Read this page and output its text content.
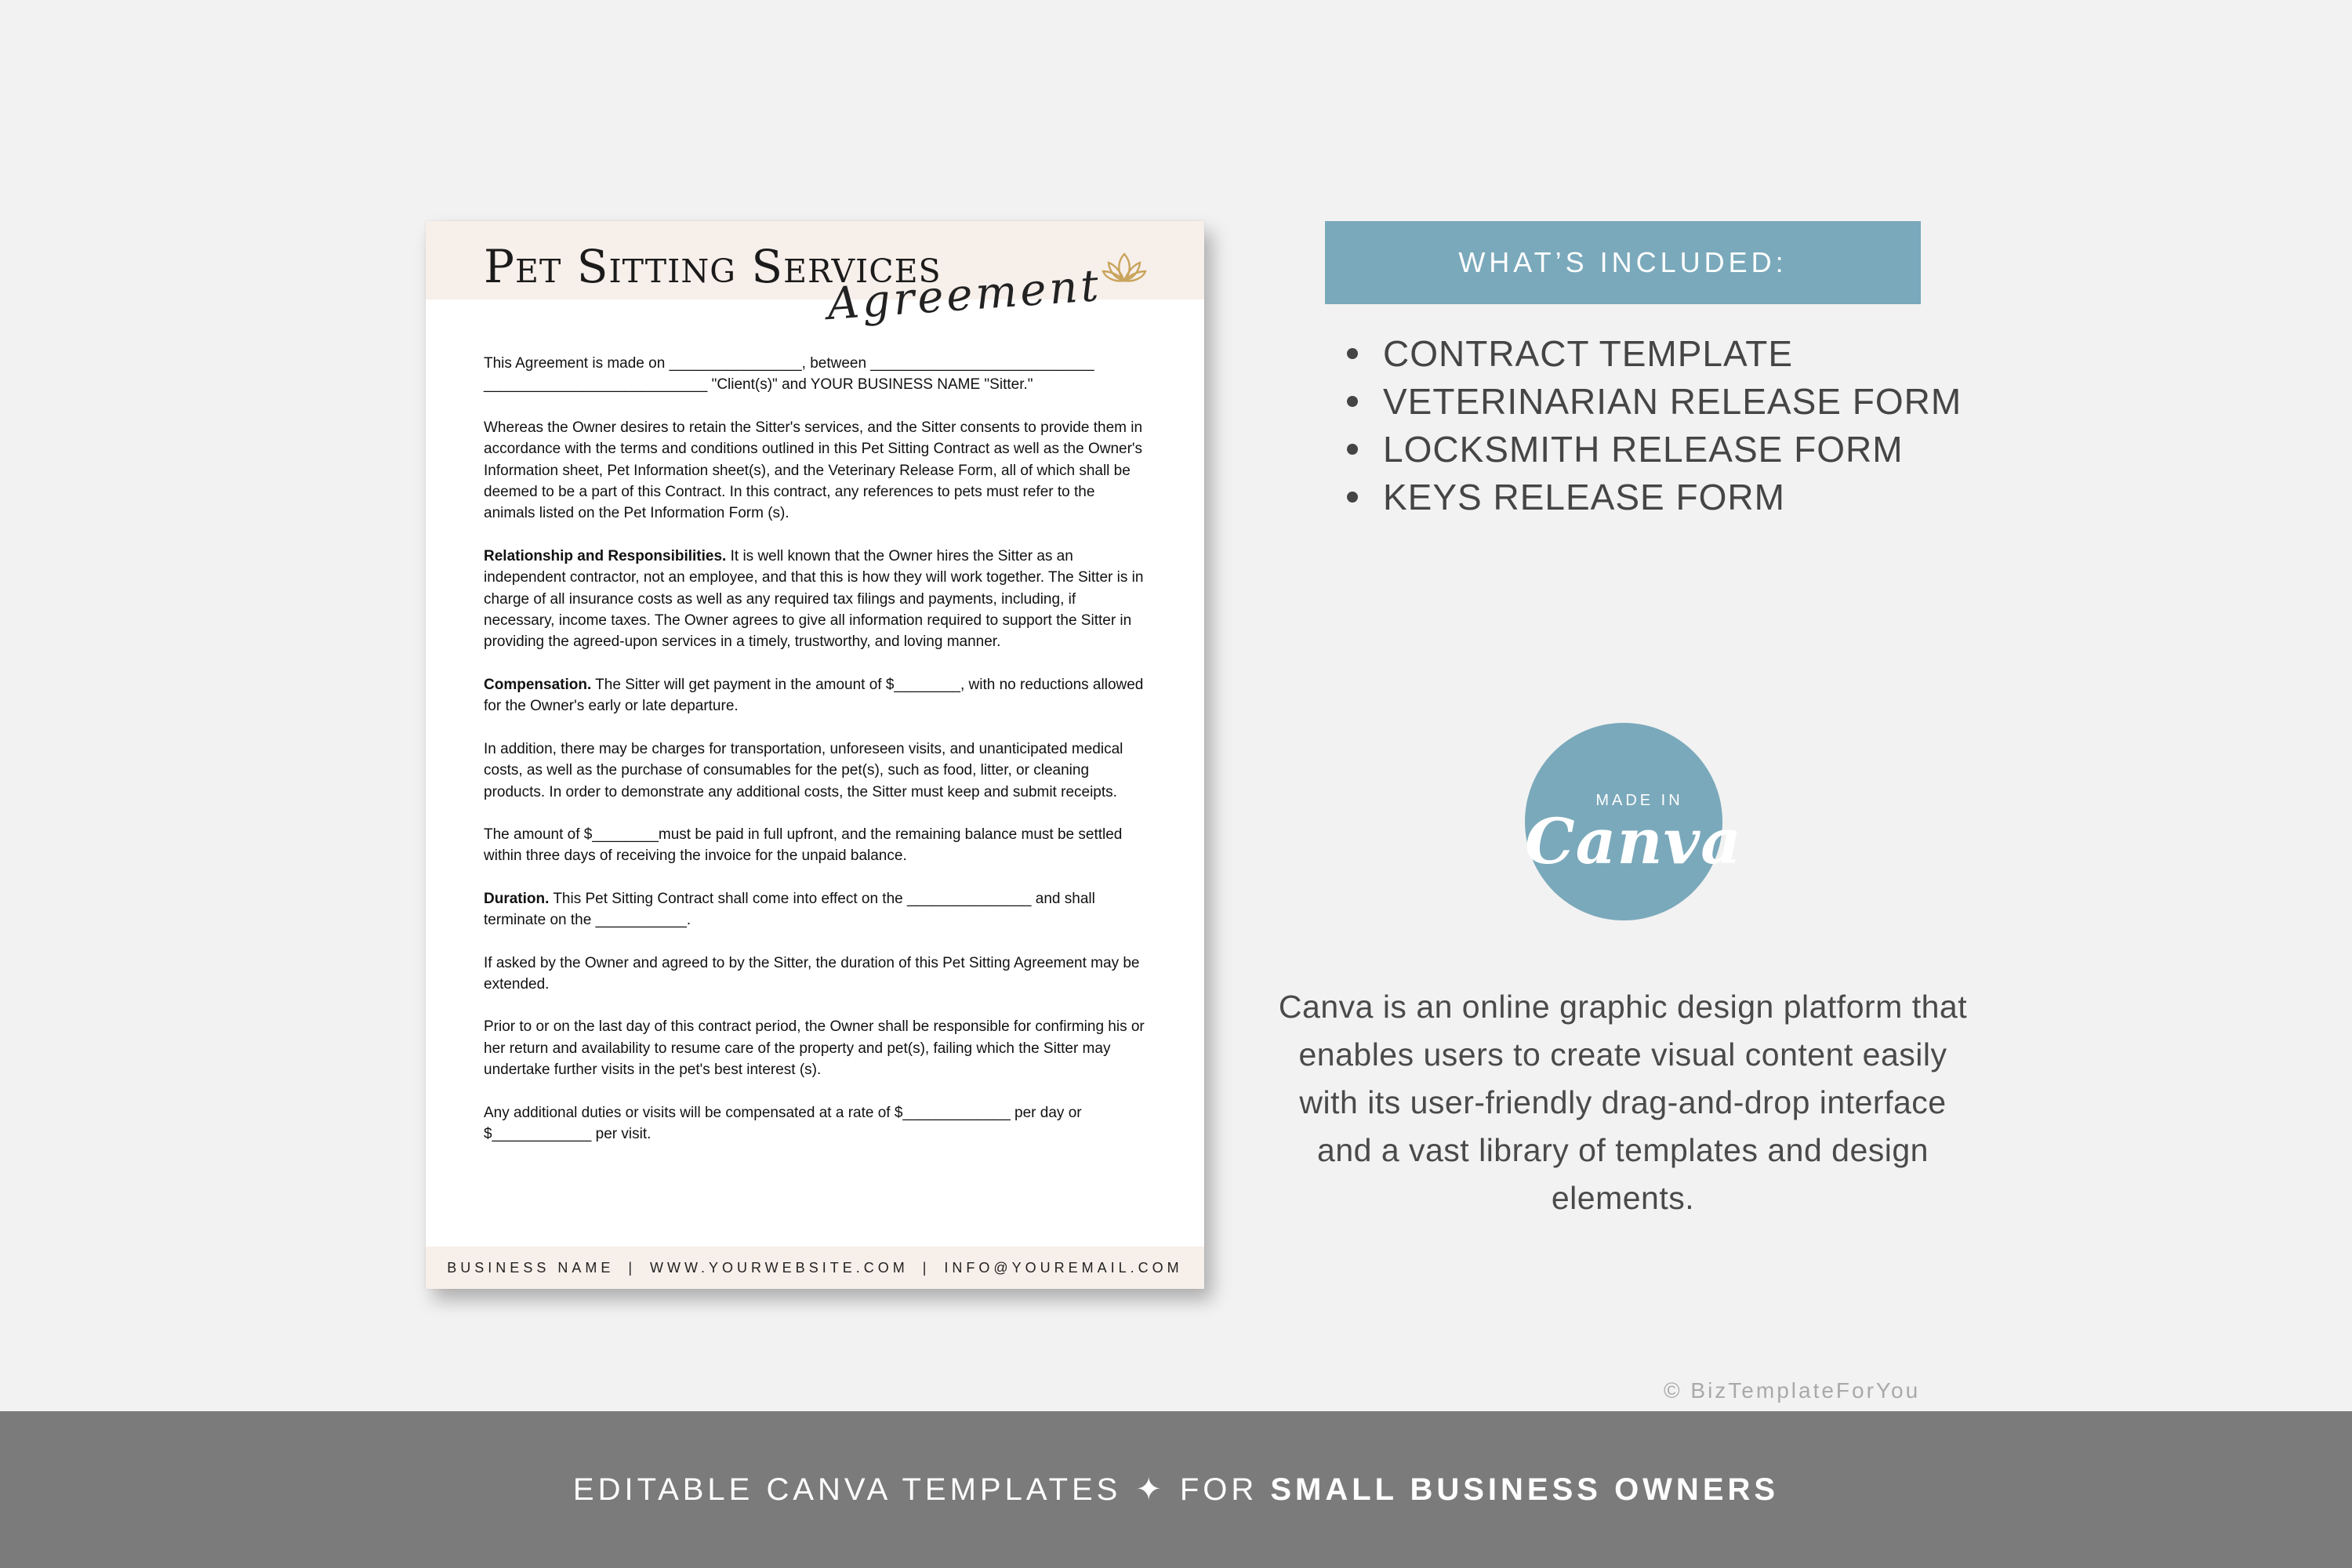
Pet Sitting Services
Agreement

This Agreement is made on ________________, between ___________________________ ___________________________ "Client(s)" and YOUR BUSINESS NAME "Sitter."

Whereas the Owner desires to retain the Sitter's services, and the Sitter consents to provide them in accordance with the terms and conditions outlined in this Pet Sitting Contract as well as the Owner's Information sheet, Pet Information sheet(s), and the Veterinary Release Form, all of which shall be deemed to be a part of this Contract. In this contract, any references to pets must refer to the animals listed on the Pet Information Form (s).

Relationship and Responsibilities. It is well known that the Owner hires the Sitter as an independent contractor, not an employee, and that this is how they will work together. The Sitter is in charge of all insurance costs as well as any required tax filings and payments, including, if necessary, income taxes. The Owner agrees to give all information required to support the Sitter in providing the agreed-upon services in a timely, trustworthy, and loving manner.

Compensation. The Sitter will get payment in the amount of $________, with no reductions allowed for the Owner's early or late departure.

In addition, there may be charges for transportation, unforeseen visits, and unanticipated medical costs, as well as the purchase of consumables for the pet(s), such as food, litter, or cleaning products. In order to demonstrate any additional costs, the Sitter must keep and submit receipts.

The amount of $________must be paid in full upfront, and the remaining balance must be settled within three days of receiving the invoice for the unpaid balance.

Duration. This Pet Sitting Contract shall come into effect on the _______________ and shall terminate on the ___________.

If asked by the Owner and agreed to by the Sitter, the duration of this Pet Sitting Agreement may be extended.

Prior to or on the last day of this contract period, the Owner shall be responsible for confirming his or her return and availability to resume care of the property and pet(s), failing which the Sitter may undertake further visits in the pet's best interest (s).

Any additional duties or visits will be compensated at a rate of $_____________ per day or $____________ per visit.

BUSINESS NAME | WWW.YOURWEBSITE.COM | INFO@YOUREMAIL.COM
WHAT’S INCLUDED:
CONTRACT TEMPLATE
VETERINARIAN RELEASE FORM
LOCKSMITH RELEASE FORM
KEYS RELEASE FORM
MADE IN
Canva
Canva is an online graphic design platform that enables users to create visual content easily with its user-friendly drag-and-drop interface and a vast library of templates and design elements.
© BizTemplateForYou
EDITABLE CANVA TEMPLATES ✦ FOR SMALL BUSINESS OWNERS
